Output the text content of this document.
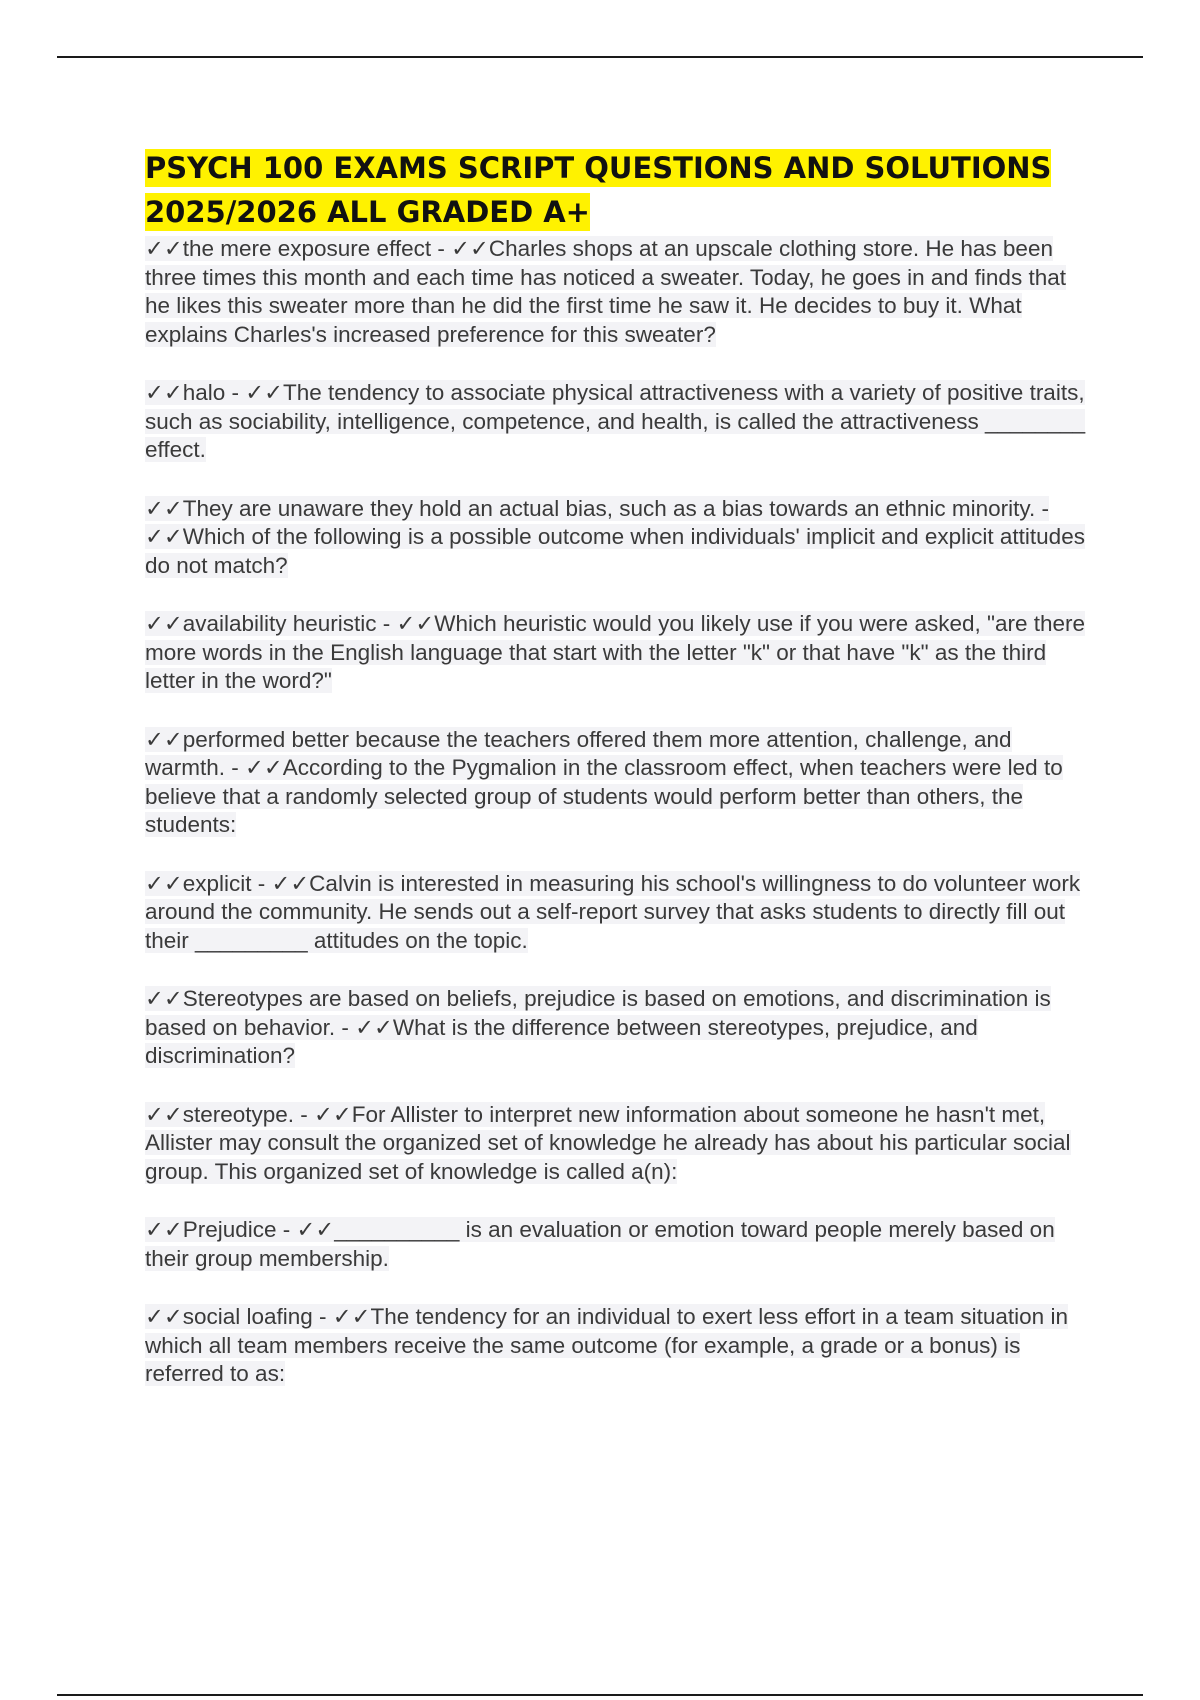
PSYCH 100 EXAMS SCRIPT QUESTIONS AND SOLUTIONS 2025/2026 ALL GRADED A+

✓✓the mere exposure effect - ✓✓Charles shops at an upscale clothing store. He has been three times this month and each time has noticed a sweater. Today, he goes in and finds that he likes this sweater more than he did the first time he saw it. He decides to buy it. What explains Charles's increased preference for this sweater?

✓✓halo - ✓✓The tendency to associate physical attractiveness with a variety of positive traits, such as sociability, intelligence, competence, and health, is called the attractiveness ________ effect.

✓✓They are unaware they hold an actual bias, such as a bias towards an ethnic minority. - ✓✓Which of the following is a possible outcome when individuals' implicit and explicit attitudes do not match?

✓✓availability heuristic - ✓✓Which heuristic would you likely use if you were asked, "are there more words in the English language that start with the letter "k" or that have "k" as the third letter in the word?"

✓✓performed better because the teachers offered them more attention, challenge, and warmth. - ✓✓According to the Pygmalion in the classroom effect, when teachers were led to believe that a randomly selected group of students would perform better than others, the students:

✓✓explicit - ✓✓Calvin is interested in measuring his school's willingness to do volunteer work around the community. He sends out a self-report survey that asks students to directly fill out their _________ attitudes on the topic.

✓✓Stereotypes are based on beliefs, prejudice is based on emotions, and discrimination is based on behavior. - ✓✓What is the difference between stereotypes, prejudice, and discrimination?

✓✓stereotype. - ✓✓For Allister to interpret new information about someone he hasn't met, Allister may consult the organized set of knowledge he already has about his particular social group. This organized set of knowledge is called a(n):

✓✓Prejudice - ✓✓__________ is an evaluation or emotion toward people merely based on their group membership.

✓✓social loafing - ✓✓The tendency for an individual to exert less effort in a team situation in which all team members receive the same outcome (for example, a grade or a bonus) is referred to as:
